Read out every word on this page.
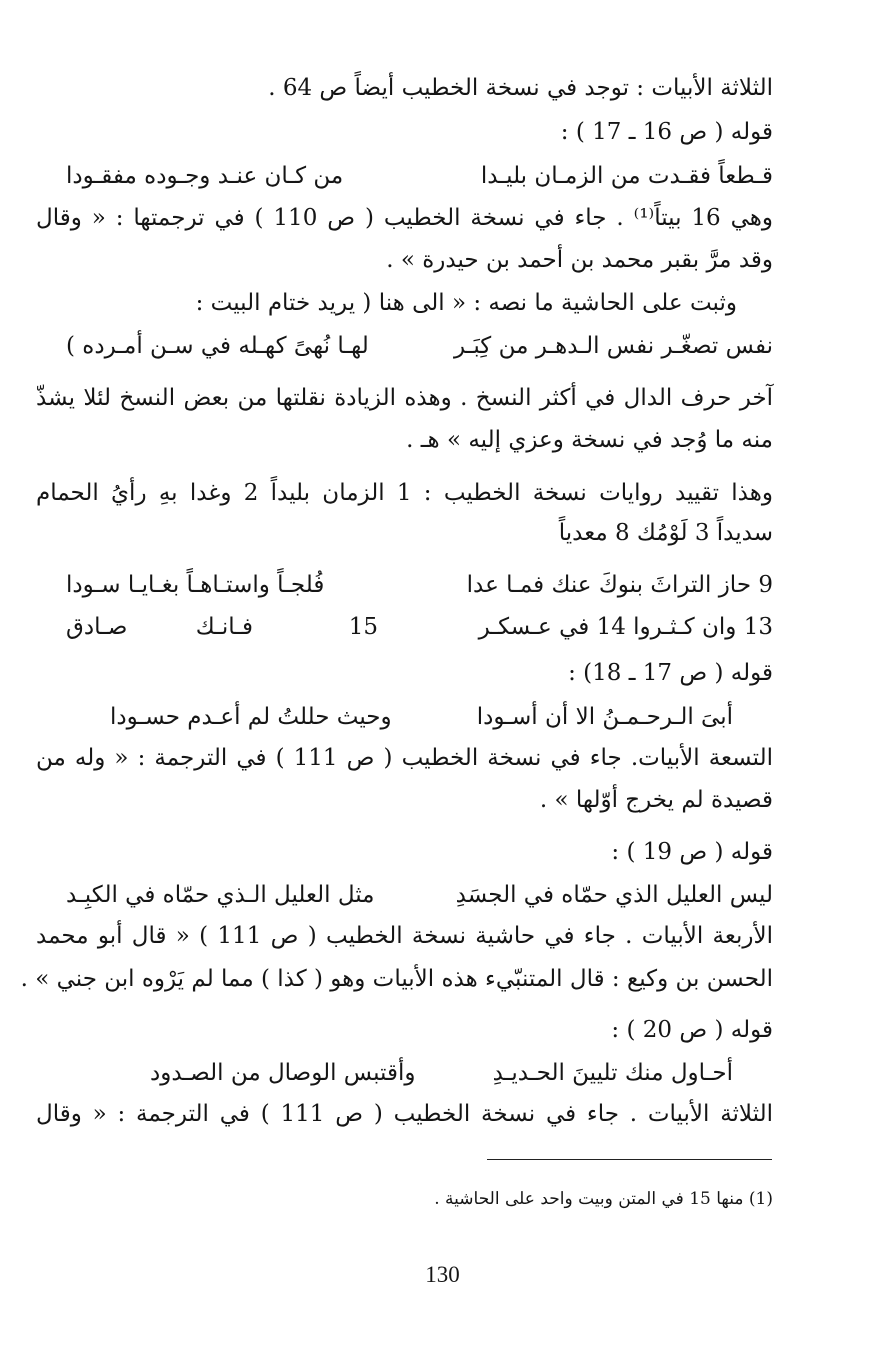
الثلاثة الأبيات : توجد في نسخة الخطيب أيضاً ص 64 .
قوله ( ص 16 ـ 17 ) :
قـطعاً فقـدت من الزمـان بليـدا
من كـان عنـد وجـوده مفقـودا
وهي 16 بيتاً⁽¹⁾ . جاء في نسخة الخطيب ( ص 110 ) في ترجمتها : « وقال
وقد مرَّ بقبر محمد بن أحمد بن حيدرة » .
وثبت على الحاشية ما نصه : « الى هنا ( يريد ختام البيت :
نفس تصغّـر نفس الـدهـر من كِبَـر
لهـا نُهىً كهـله في سـن أمـرده )
آخر حرف الدال في أكثر النسخ . وهذه الزيادة نقلتها من بعض النسخ لئلا يشذّ
منه ما وُجد في نسخة وعزي إليه » هـ .
وهذا تقييد روايات نسخة الخطيب : 1 الزمان بليداً 2 وغدا بهِ رأيُ الحمام
سديداً 3 لَوْمُك 8 معدياً
9 حاز التراثَ بنوكَ عنك فمـا عدا
فُلجـاً واستـاهـاً بغـايـا سـودا
13 وان كـثـروا 14 في عـسكـر
15
فـانـك
صـادق
قوله ( ص 17 ـ 18) :
أبىَ الـرحـمـنُ الا أن أسـودا
وحيث حللتُ لم أعـدم حسـودا
التسعة الأبيات. جاء في نسخة الخطيب ( ص 111 ) في الترجمة : « وله من
قصيدة لم يخرج أوّلها » .
قوله ( ص 19 ) :
ليس العليل الذي حمّاه في الجسَدِ
مثل العليل الـذي حمّاه في الكبِـد
الأربعة الأبيات . جاء في حاشية نسخة الخطيب ( ص 111 ) « قال أبو محمد
الحسن بن وكيع : قال المتنبّيء هذه الأبيات وهو ( كذا ) مما لم يَرْوه ابن جني » .
قوله ( ص 20 ) :
أحـاول منك تليينَ الحـديـدِ
وأقتبس الوصال من الصـدود
الثلاثة الأبيات . جاء في نسخة الخطيب ( ص 111 ) في الترجمة : « وقال
(1) منها 15 في المتن وبيت واحد على الحاشية .
130
